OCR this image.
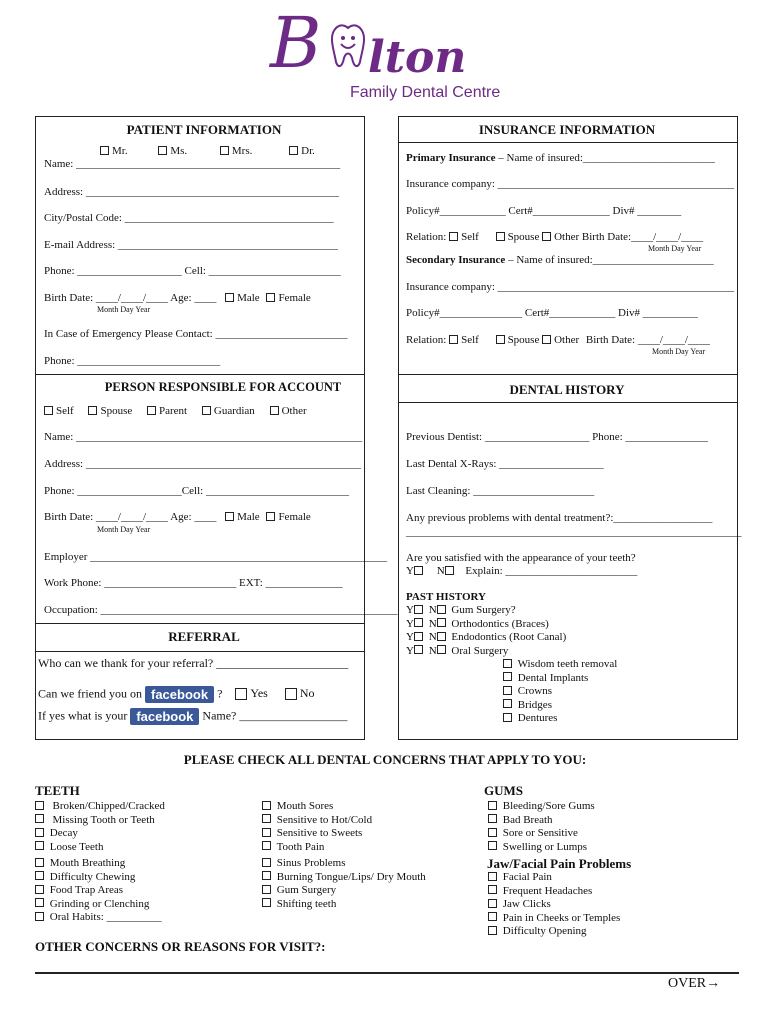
B lton
Family Dental Centre
PATIENT INFORMATION
Mr.	Ms.	Mrs.	Dr.
Name: ________________________________________________
Address: ______________________________________________
City/Postal Code: ______________________________________
E-mail Address: ________________________________________
Phone: ___________________ Cell: ________________________
Birth Date: ____/____/____ Age: ____ Male Female
Month Day Year
In Case of Emergency Please Contact: ________________________
Phone: __________________________
INSURANCE INFORMATION
Primary Insurance – Name of insured:________________________
Insurance company: ___________________________________________
Policy#____________ Cert#______________ Div# ________
Relation: Self	Spouse Other Birth Date:____/____/____
Month Day Year
Secondary Insurance – Name of insured:______________________
Insurance company: ___________________________________________
Policy#_______________ Cert#____________ Div# __________
Relation: Self	Spouse Other Birth Date: ____/____/____
Month Day Year
PERSON RESPONSIBLE FOR ACCOUNT
Self Spouse Parent Guardian Other
Name: ____________________________________________________
Address: __________________________________________________
Phone: ___________________Cell: __________________________
Birth Date: ____/____/____ Age: ____ Male Female
Month Day Year
Employer ______________________________________________________
Work Phone: ________________________ EXT: ______________
Occupation: ______________________________________________________
REFERRAL
Who can we thank for your referral? ______________________
Can we friend you on facebook ? Yes	No
If yes what is your facebook Name? __________________
DENTAL HISTORY
Previous Dentist: ___________________ Phone: _______________
Last Dental X-Rays: ___________________
Last Cleaning: ______________________
Any previous problems with dental treatment?:__________________
_____________________________________________________________
Are you satisfied with the appearance of your teeth?
Y N Explain: ________________________
PAST HISTORY
Y N Gum Surgery?
Y N Orthodontics (Braces)
Y N Endodontics (Root Canal)
Y N Oral Surgery
Wisdom teeth removal
Dental Implants
Crowns
Bridges
Dentures
PLEASE CHECK ALL DENTAL CONCERNS THAT APPLY TO YOU:
TEETH
Broken/Chipped/Cracked
Missing Tooth or Teeth
Decay
Loose Teeth
Mouth Breathing
Difficulty Chewing
Food Trap Areas
Grinding or Clenching
Oral Habits: __________
Mouth Sores
Sensitive to Hot/Cold
Sensitive to Sweets
Tooth Pain
Sinus Problems
Burning Tongue/Lips/ Dry Mouth
Gum Surgery
Shifting teeth
GUMS
Bleeding/Sore Gums
Bad Breath
Sore or Sensitive
Swelling or Lumps
Jaw/Facial Pain Problems
Facial Pain
Frequent Headaches
Jaw Clicks
Pain in Cheeks or Temples
Difficulty Opening
OTHER CONCERNS OR REASONS FOR VISIT?:
OVER→
